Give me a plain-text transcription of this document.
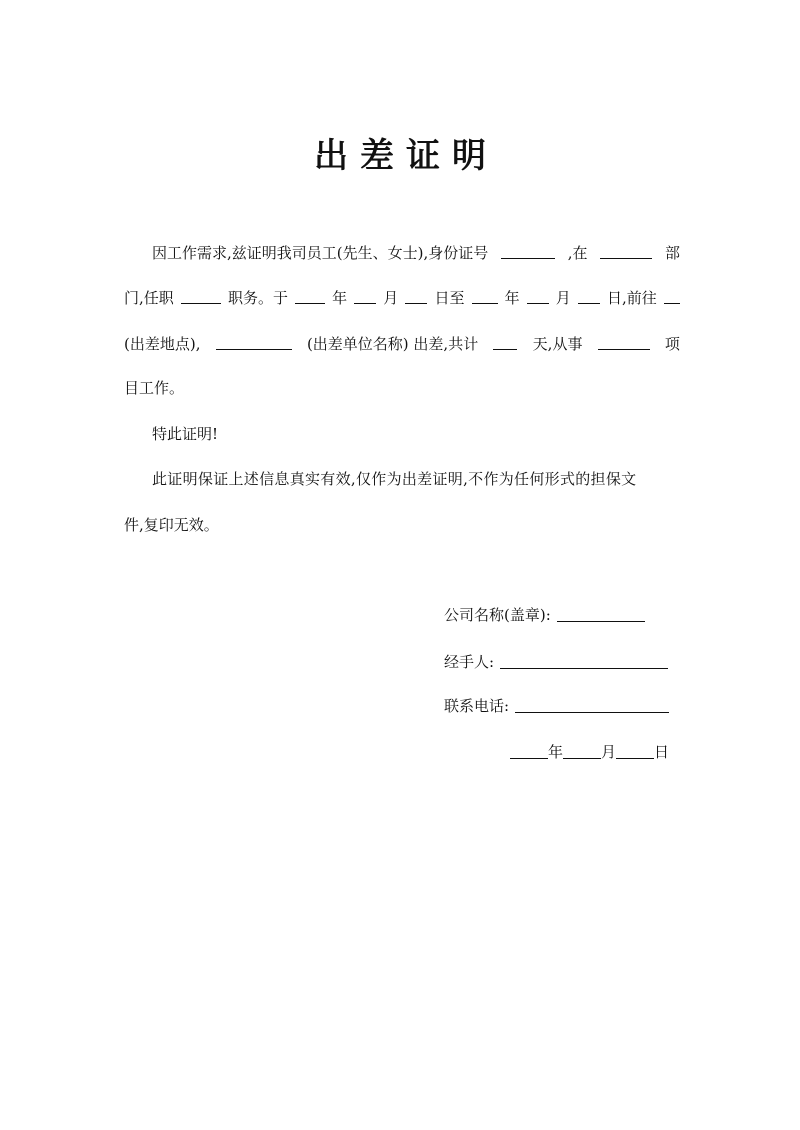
出差证明
因工作需求,兹证明我司员工(先生、女士),身份证号	,在	部
门,任职	职务。于	年 月 日至	年 月 日,前往
(出差地点),	(出差单位名称) 出差,共计	天,从事	项
目工作。
特此证明!
此证明保证上述信息真实有效,仅作为出差证明,不作为任何形式的担保文
件,复印无效。
公司名称(盖章):
经手人:
联系电话:
年	月	日
